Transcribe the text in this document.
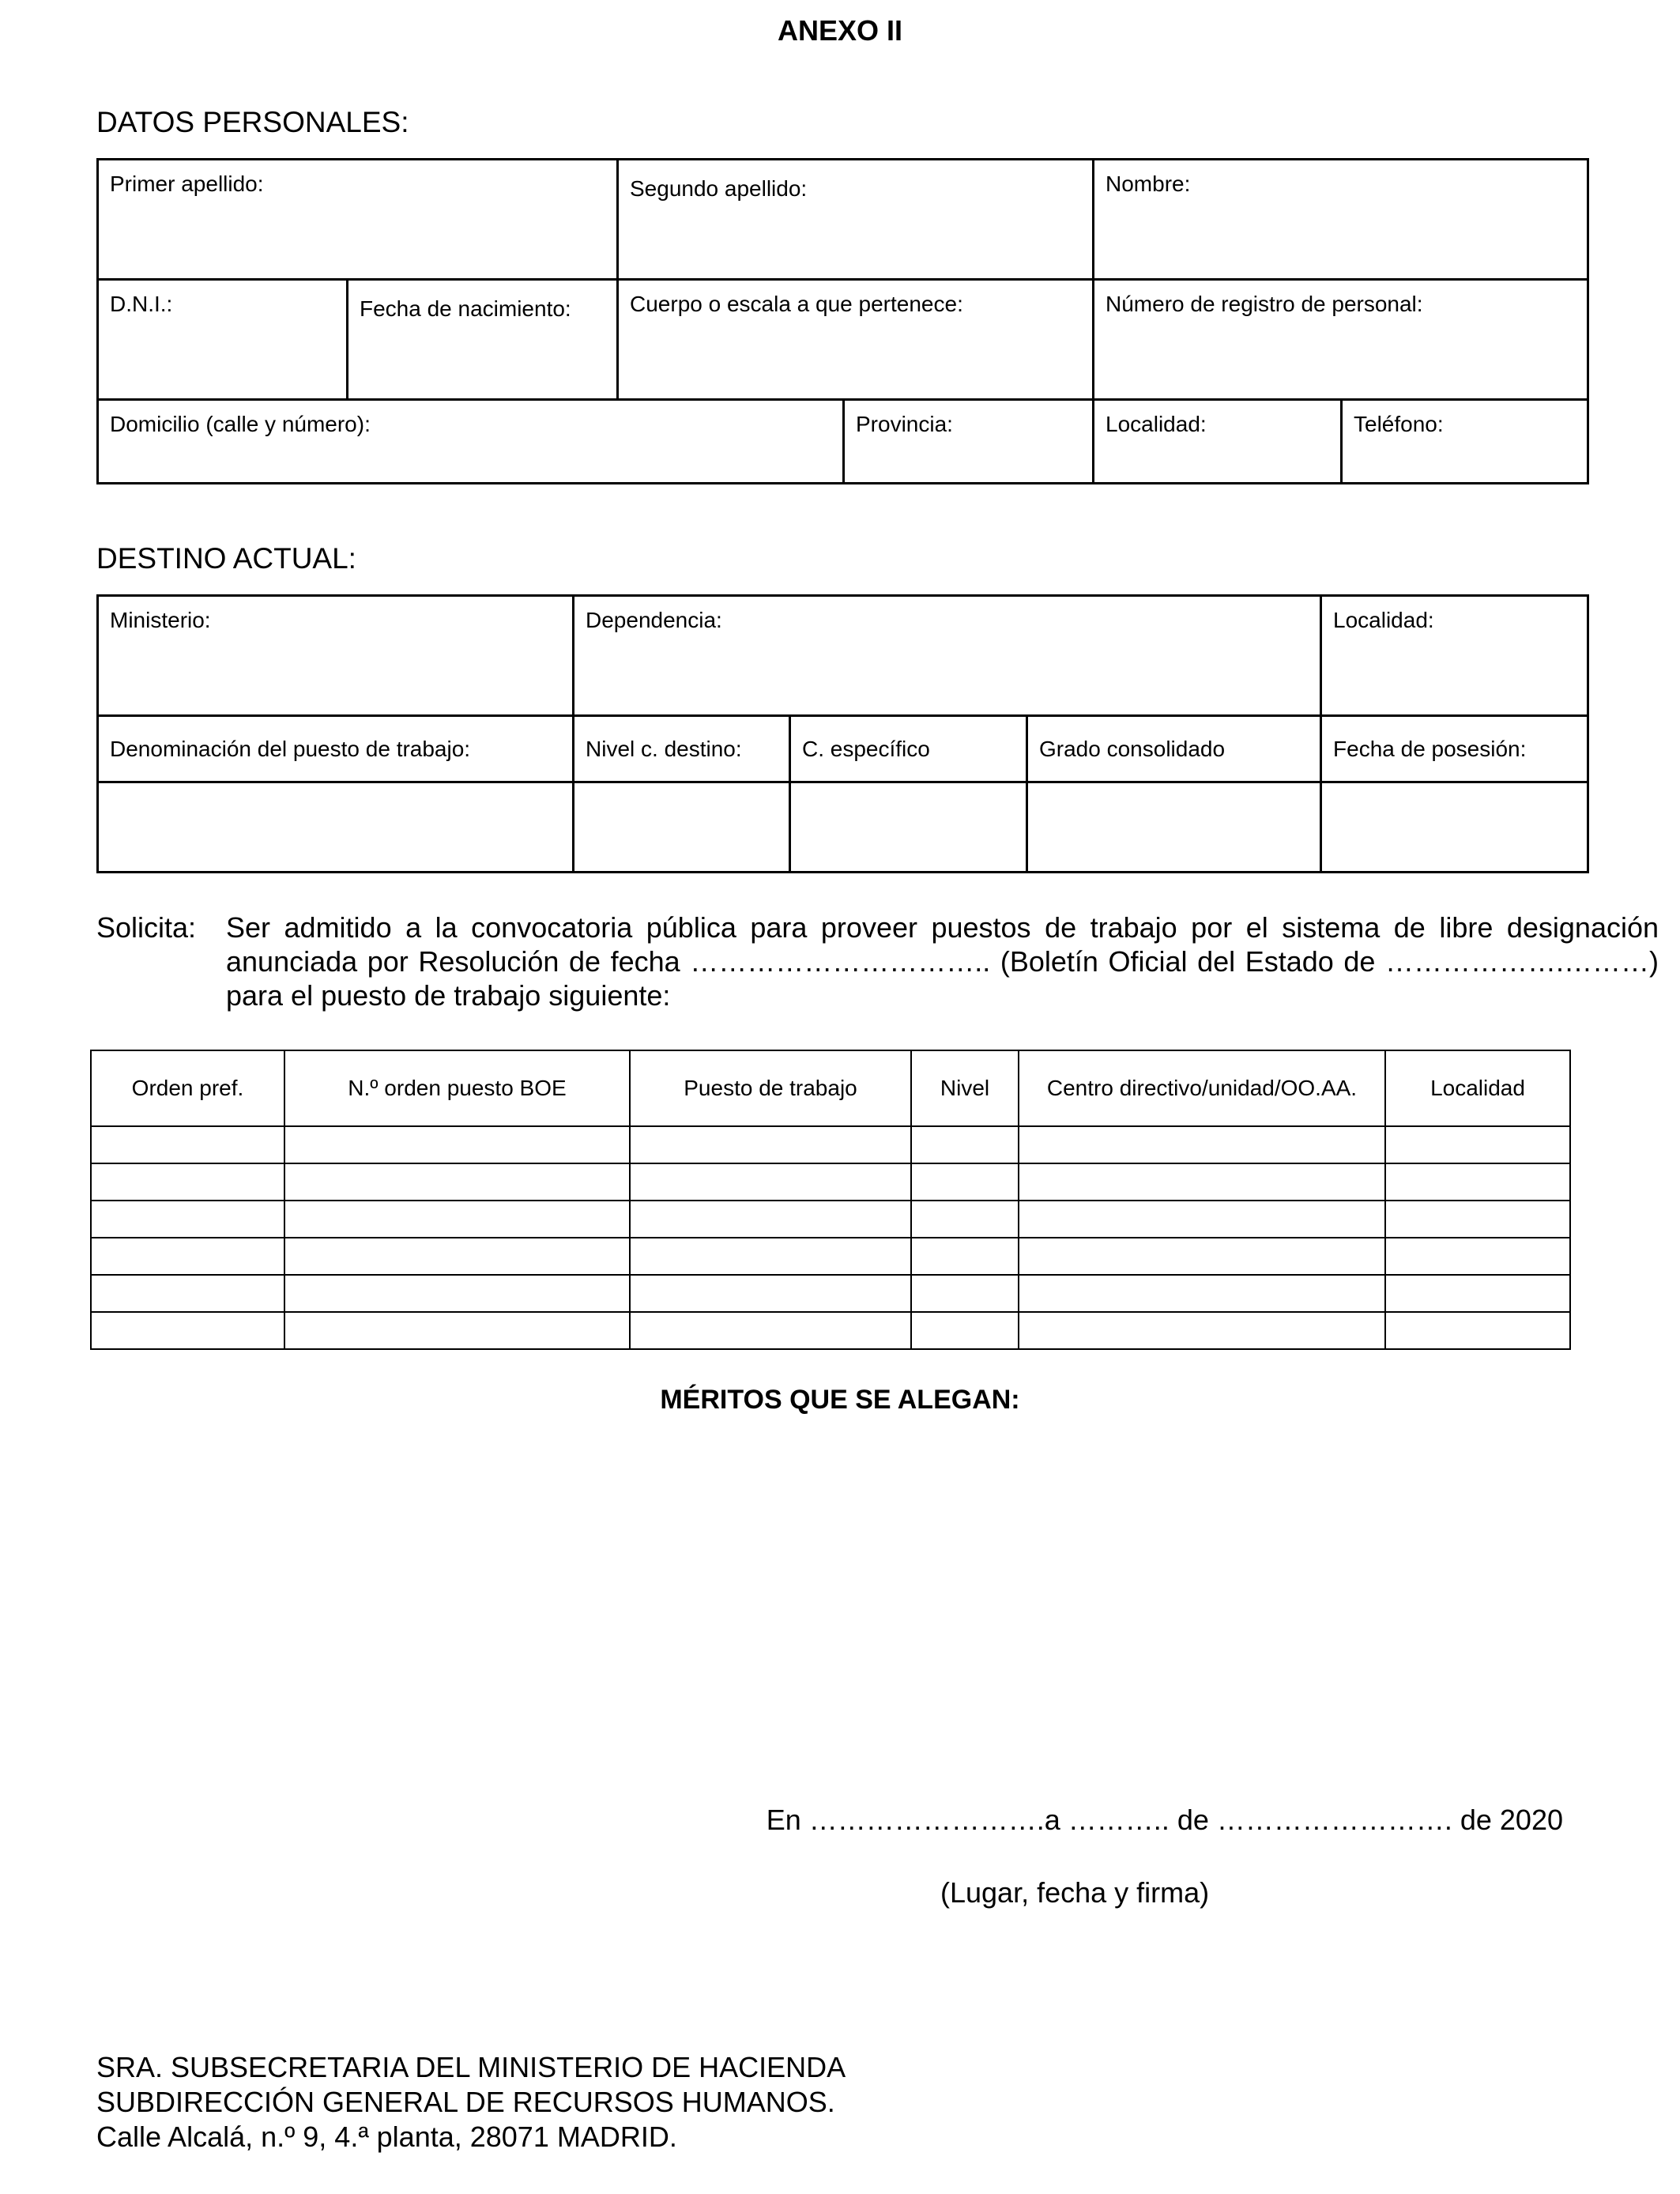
ANEXO II
DATOS PERSONALES:
Primer apellido:		Segundo apellido:		Nombre:	

D.N.I.:	Fecha de nacimiento:	Cuerpo o escala a que pertenece:		Número de registro de personal:	

Domicilio (calle y número):			Provincia:	Localidad:	Teléfono:
DESTINO ACTUAL:
Ministerio:	Dependencia:			Localidad:

Denominación del puesto de trabajo:	Nivel c. destino:	C. específico	Grado consolidado	Fecha de posesión:

Solicita: Ser admitido a la convocatoria pública para proveer puestos de trabajo por el sistema de libre designación anunciada por Resolución de fecha ………………………….. (Boletín Oficial del Estado de ……………….………) para el puesto de trabajo siguiente:
Orden pref.	N.º orden puesto BOE	Puesto de trabajo	Nivel	Centro directivo/unidad/OO.AA.	Localidad

MÉRITOS QUE SE ALEGAN:
En …………………….a ……….. de ……………………. de 2020
(Lugar, fecha y firma)
SRA. SUBSECRETARIA DEL MINISTERIO DE HACIENDA
SUBDIRECCIÓN GENERAL DE RECURSOS HUMANOS.
Calle Alcalá, n.º 9, 4.ª planta, 28071 MADRID.
